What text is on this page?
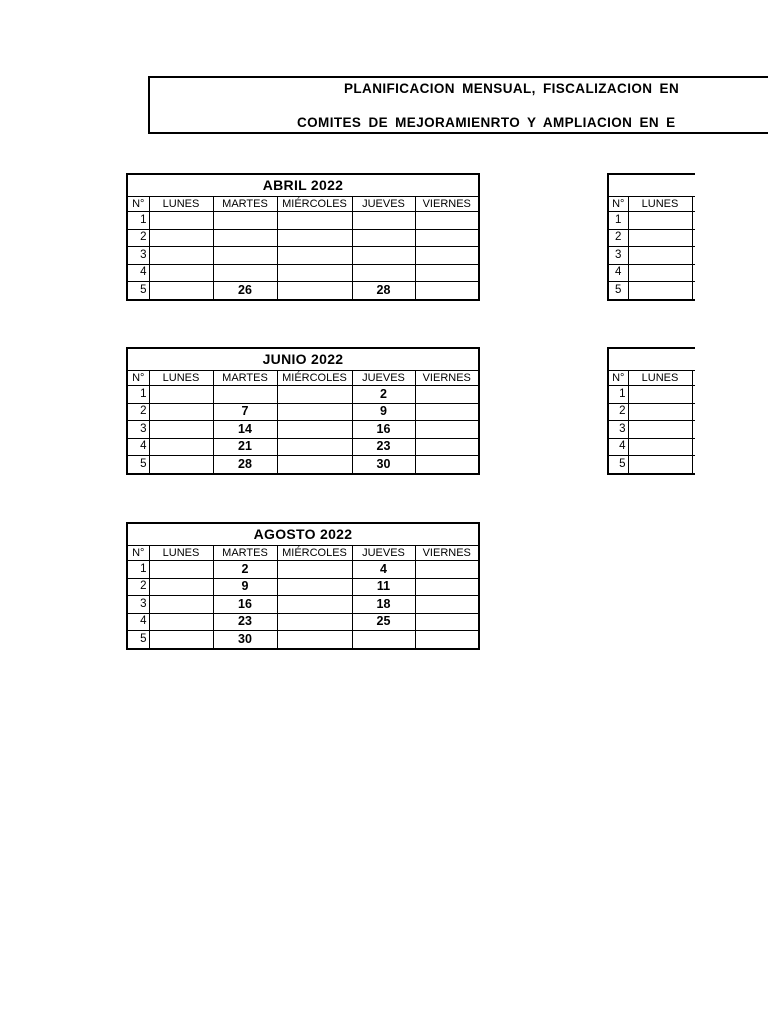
PLANIFICACION MENSUAL, FISCALIZACION EN
COMITES DE MEJORAMIENRTO Y AMPLIACION EN E
ABRIL 2022					
N°	LUNES	MARTES	MIÉRCOLES	JUEVES	VIERNES
1					
2					
3					
4					
5		26		28	
JUNIO 2022					
N°	LUNES	MARTES	MIÉRCOLES	JUEVES	VIERNES
1				2	
2		7		9	
3		14		16	
4		21		23	
5		28		30	
AGOSTO 2022					
N°	LUNES	MARTES	MIÉRCOLES	JUEVES	VIERNES
1		2		4	
2		9		11	
3		16		18	
4		23		25	
5		30			

N°	LUNES	
1		
2		
3		
4		
5		

N°	LUNES	
1		
2		
3		
4		
5		
